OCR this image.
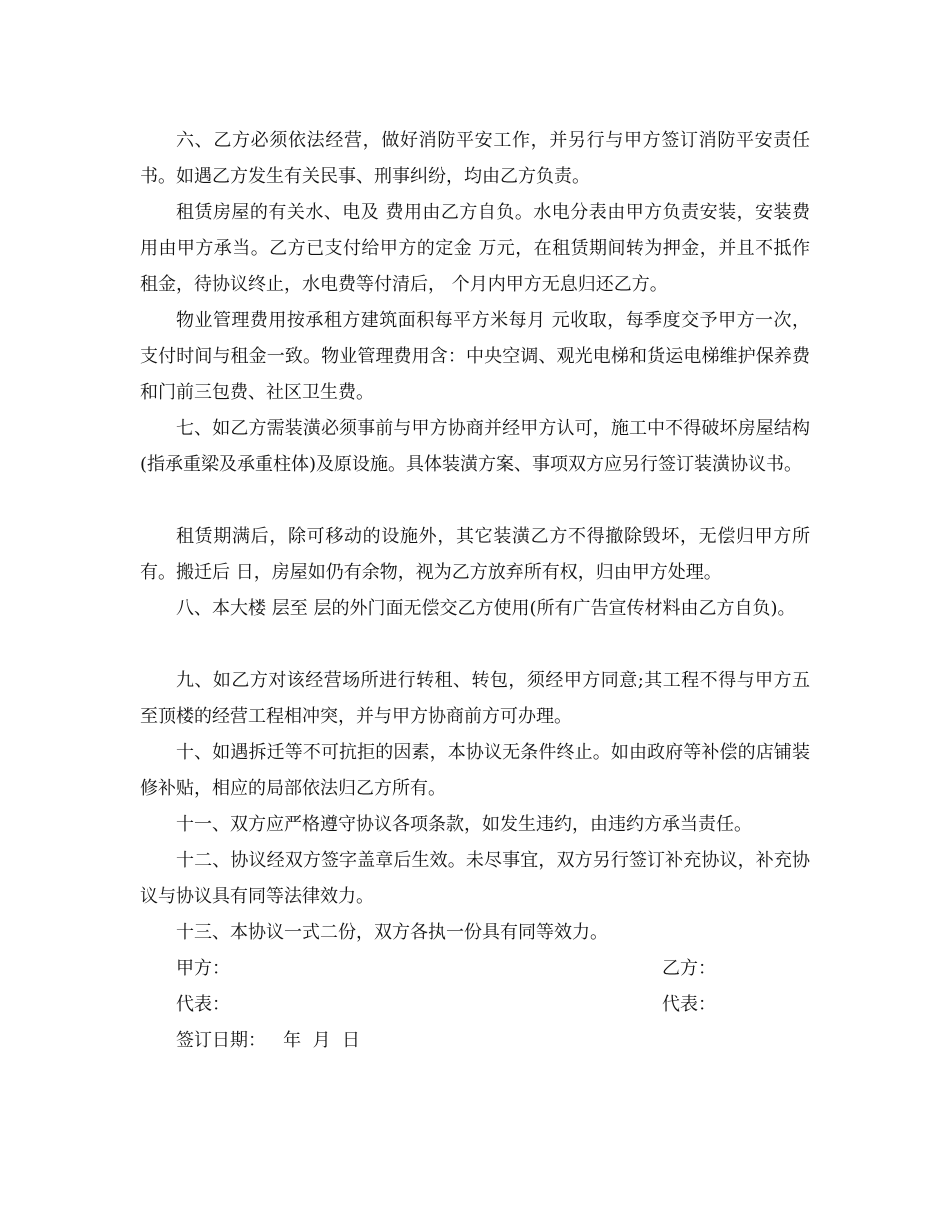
六、乙方必须依法经营，做好消防平安工作，并另行与甲方签订消防平安责任书。如遇乙方发生有关民事、刑事纠纷，均由乙方负责。

租赁房屋的有关水、电及 费用由乙方自负。水电分表由甲方负责安装，安装费用由甲方承当。乙方已支付给甲方的定金 万元，在租赁期间转为押金，并且不抵作租金，待协议终止，水电费等付清后， 个月内甲方无息归还乙方。

物业管理费用按承租方建筑面积每平方米每月 元收取，每季度交予甲方一次，支付时间与租金一致。物业管理费用含：中央空调、观光电梯和货运电梯维护保养费和门前三包费、社区卫生费。

七、如乙方需装潢必须事前与甲方协商并经甲方认可，施工中不得破坏房屋结构(指承重梁及承重柱体)及原设施。具体装潢方案、事项双方应另行签订装潢协议书。

租赁期满后，除可移动的设施外，其它装潢乙方不得撤除毁坏，无偿归甲方所有。搬迁后 日，房屋如仍有余物，视为乙方放弃所有权，归由甲方处理。

八、本大楼 层至 层的外门面无偿交乙方使用(所有广告宣传材料由乙方自负)。

九、如乙方对该经营场所进行转租、转包，须经甲方同意;其工程不得与甲方五至顶楼的经营工程相冲突，并与甲方协商前方可办理。

十、如遇拆迁等不可抗拒的因素，本协议无条件终止。如由政府等补偿的店铺装修补贴，相应的局部依法归乙方所有。

十一、双方应严格遵守协议各项条款，如发生违约，由违约方承当责任。

十二、协议经双方签字盖章后生效。未尽事宜，双方另行签订补充协议，补充协议与协议具有同等法律效力。

十三、本协议一式二份，双方各执一份具有同等效力。

甲方：	乙方：

代表：	代表：

签订日期：   年  月  日
